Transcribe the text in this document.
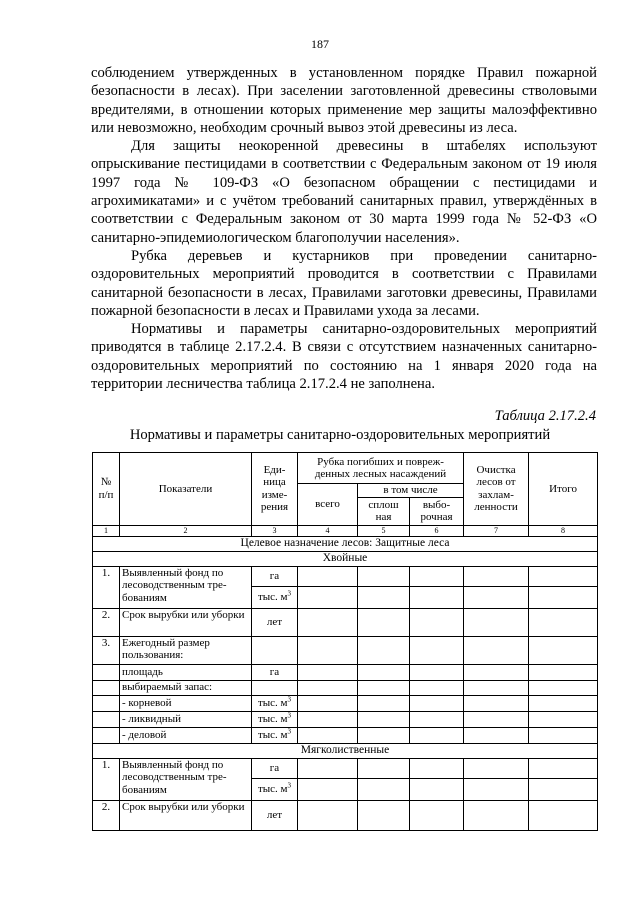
187

соблюдением утвержденных в установленном порядке Правил пожарной безопасности в лесах). При заселении заготовленной древесины стволовыми вредителями, в отношении которых применение мер защиты малоэффективно или невозможно, необходим срочный вывоз этой древесины из леса.

Для защиты неокоренной древесины в штабелях используют опрыскивание пестицидами в соответствии с Федеральным законом от 19 июля 1997 года № 109-ФЗ «О безопасном обращении с пестицидами и агрохимикатами» и с учётом требований санитарных правил, утверждённых в соответствии с Федеральным законом от 30 марта 1999 года № 52-ФЗ «О санитарно-эпидемиологическом благополучии населения».

Рубка деревьев и кустарников при проведении санитарно-оздоровительных мероприятий проводится в соответствии с Правилами санитарной безопасности в лесах, Правилами заготовки древесины, Правилами пожарной безопасности в лесах и Правилами ухода за лесами.

Нормативы и параметры санитарно-оздоровительных мероприятий приводятся в таблице 2.17.2.4. В связи с отсутствием назначенных санитарно-оздоровительных мероприятий по состоянию на 1 января 2020 года на территории лесничества таблица 2.17.2.4 не заполнена.

Таблица 2.17.2.4
Нормативы и параметры санитарно-оздоровительных мероприятий
№ п/п	Показатели	Еди-ница изме-рения	Рубка погибших и повреж-денных лесных насаждений			Очистка лесов от захлам-ленности	Итого
			всего	в том числе			
				сплош ная	выбо-рочная		
1	2	3	4	5	6	7	8
Целевое назначение лесов: Защитные леса							
Хвойные							
1.	Выявленный фонд по лесоводственным тре-бованиям	га					
		тыс. $м^3$					
2.	Срок вырубки или уборки	лет					
3.	Ежегодный размер пользования:						
	площадь	га					
	выбираемый запас:						
	- корневой	тыс. $м^3$					
	- ликвидный	тыс. $м^3$					
	- деловой	тыс. $м^3$					
Мягколиственные							
1.	Выявленный фонд по лесоводственным тре-бованиям	га					
		тыс. $м^3$					
2.	Срок вырубки или уборки	лет					
